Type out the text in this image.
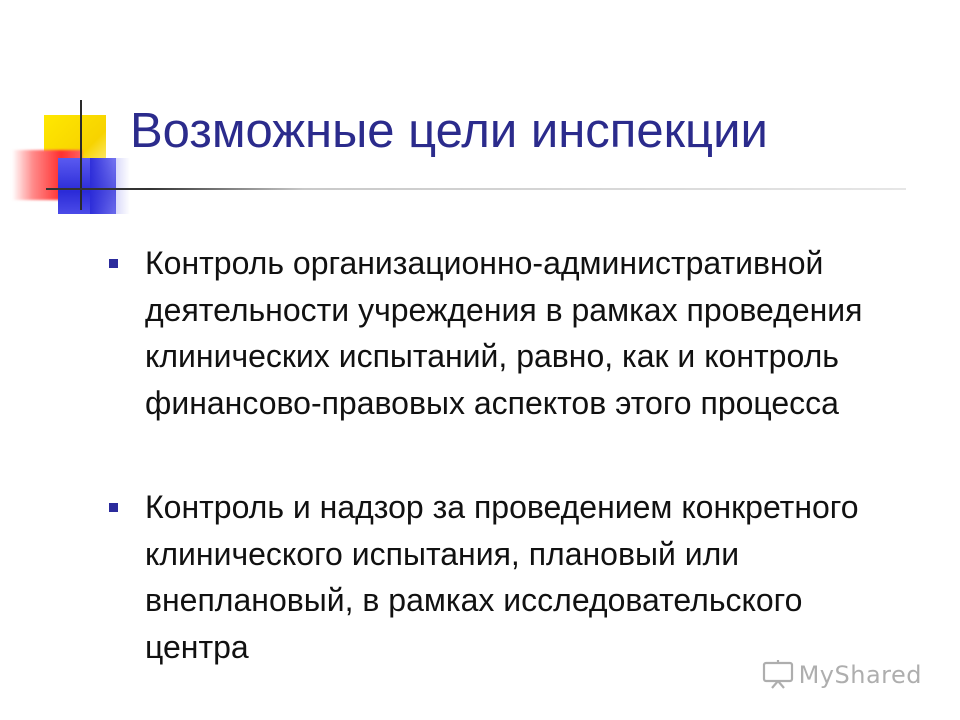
Возможные цели инспекции
Контроль организационно-административной деятельности учреждения в рамках проведения клинических испытаний, равно, как и контроль финансово-правовых аспектов этого процесса
Контроль и надзор за проведением конкретного клинического испытания, плановый или внеплановый, в рамках исследовательского центра
MyShared
